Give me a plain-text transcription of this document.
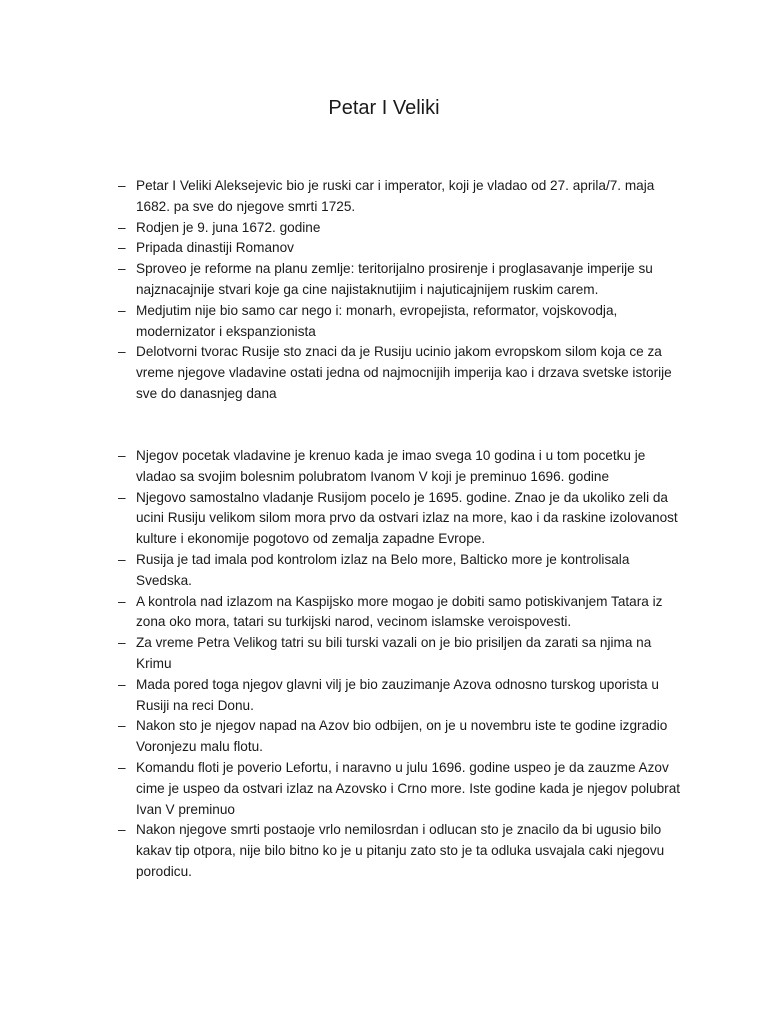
Petar I Veliki
– Petar I Veliki Aleksejevic bio je ruski car i imperator, koji je vladao od 27. aprila/7. maja 1682. pa sve do njegove smrti 1725.
– Rodjen je 9. juna 1672. godine
– Pripada dinastiji Romanov
– Sproveo je reforme na planu zemlje: teritorijalno prosirenje i proglasavanje imperije su najznacajnije stvari koje ga cine najistaknutijim i najuticajnijem ruskim carem.
– Medjutim nije bio samo car nego i: monarh, evropejista, reformator, vojskovodja, modernizator i ekspanzionista
– Delotvorni tvorac Rusije sto znaci da je Rusiju ucinio jakom evropskom silom koja ce za vreme njegove vladavine ostati jedna od najmocnijih imperija kao i drzava svetske istorije sve do danasnjeg dana
– Njegov pocetak vladavine je krenuo kada je imao svega 10 godina i u tom pocetku je vladao sa svojim bolesnim polubratom Ivanom V koji je preminuo 1696. godine
– Njegovo samostalno vladanje Rusijom pocelo je 1695. godine. Znao je da ukoliko zeli da ucini Rusiju velikom silom mora prvo da ostvari izlaz na more, kao i da raskine izolovanost kulture i ekonomije pogotovo od zemalja zapadne Evrope.
– Rusija je tad imala pod kontrolom izlaz na Belo more, Balticko more je kontrolisala Svedska.
– A kontrola nad izlazom na Kaspijsko more mogao je dobiti samo potiskivanjem Tatara iz zona oko mora, tatari su turkijski narod, vecinom islamske veroispovesti.
– Za vreme Petra Velikog tatri su bili turski vazali on je bio prisiljen da zarati sa njima na Krimu
– Mada pored toga njegov glavni vilj je bio zauzimanje Azova odnosno turskog uporista u Rusiji na reci Donu.
– Nakon sto je njegov napad na Azov bio odbijen, on je u novembru iste te godine izgradio Voronjezu malu flotu.
– Komandu floti je poverio Lefortu, i naravno u julu 1696. godine uspeo je da zauzme Azov cime je uspeo da ostvari izlaz na Azovsko i Crno more. Iste godine kada je njegov polubrat Ivan V preminuo
– Nakon njegove smrti postaoje vrlo nemilosrdan i odlucan sto je znacilo da bi ugusio bilo kakav tip otpora, nije bilo bitno ko je u pitanju zato sto je ta odluka usvajala caki njegovu porodicu.
